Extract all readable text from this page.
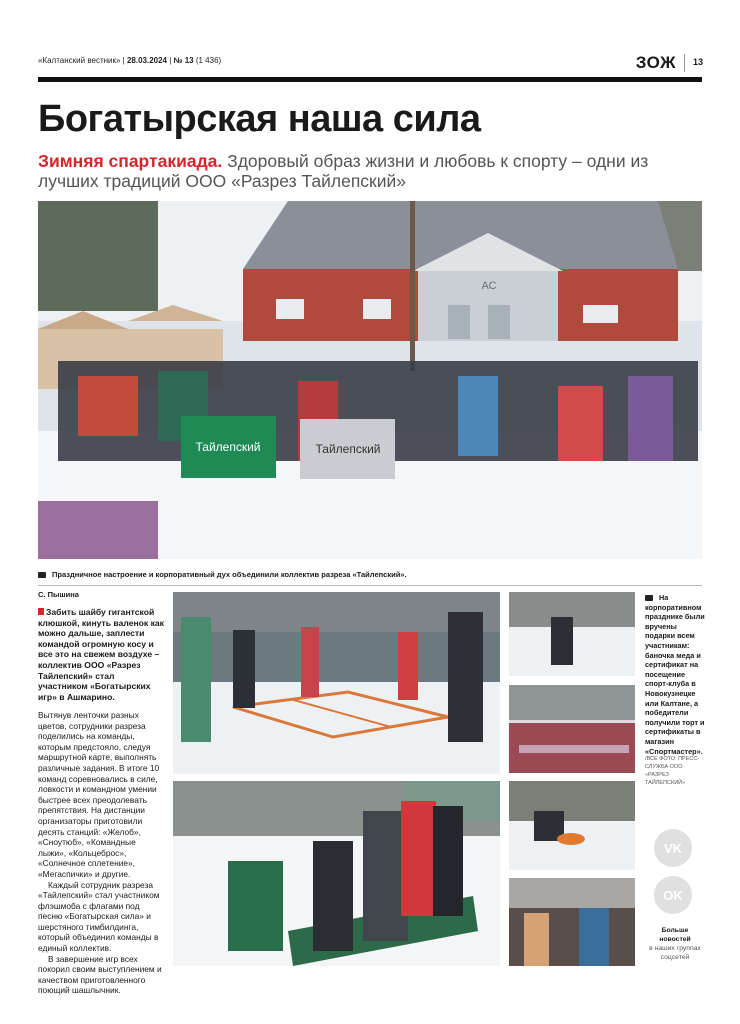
«Калтанский вестник» | 28.03.2024 | № 13 (1 436)	ЗОЖ 13
Богатырская наша сила
Зимняя спартакиада. Здоровый образ жизни и любовь к спорту – одни из лучших традиций ООО «Разрез Тайлепский»
АС
Тайлепский	Тайлепский
Праздничное настроение и корпоративный дух объединили коллектив разреза «Тайлепский».
С. Пышина
Забить шайбу гигантской клюшкой, кинуть валенок как можно дальше, заплести командой огромную косу и все это на свежем воздухе – коллектив ООО «Разрез Тайлепский» стал участником «Богатырских игр» в Ашмарино.

Вытянув ленточки разных цветов, сотрудники разреза поделились на команды, которым предстояло, следуя маршрутной карте, выполнять различные задания. В итоге 10 команд соревновались в силе, ловкости и командном умении быстрее всех преодолевать препятствия. На дистанции организаторы приготовили десять станций: «Желоб», «Сноутюб», «Командные лыжи», «Кольцеброс», «Солнечное сплетение», «Мегаспички» и другие.

Каждый сотрудник разреза «Тайлепский» стал участником флэшмоба с флагами под песню «Богатырская сила» и шерстяного тимбилдинга, который объединил команды в единый коллектив.

В завершение игр всех покорил своим выступлением и качеством приготовленного поющий шашлычник.

На корпоративном празднике были вручены подарки всем участникам: баночка меда и сертификат на посещение спорт-клуба в Новокузнецке или Калтане, а победители получили торт и сертификаты в магазин «Спортмастер».
/ВСЕ ФОТО: ПРЕСС-СЛУЖБА ООО «РАЗРЕЗ ТАЙЛЕПСКИЙ»
VK
OK
Больше новостей
в наших группах соцсетей
